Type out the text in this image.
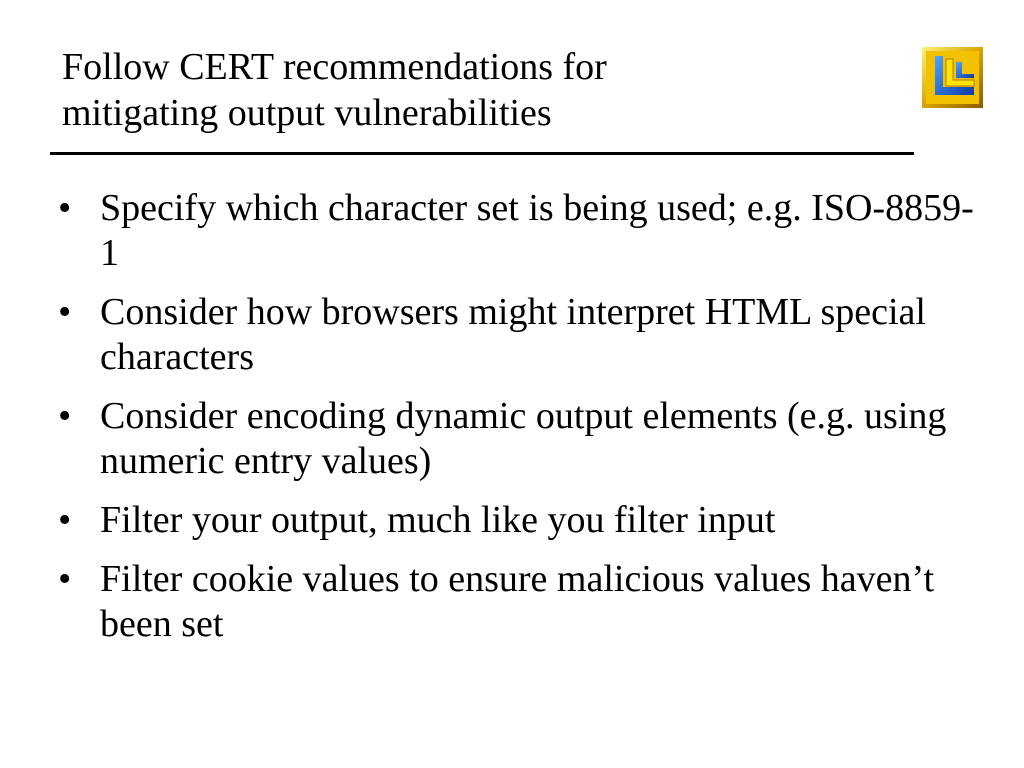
Follow CERT recommendations for
mitigating output vulnerabilities
• Specify which character set is being used; e.g. ISO-8859-1
• Consider how browsers might interpret HTML special characters
• Consider encoding dynamic output elements (e.g. using numeric entry values)
• Filter your output, much like you filter input
• Filter cookie values to ensure malicious values haven’t been set
